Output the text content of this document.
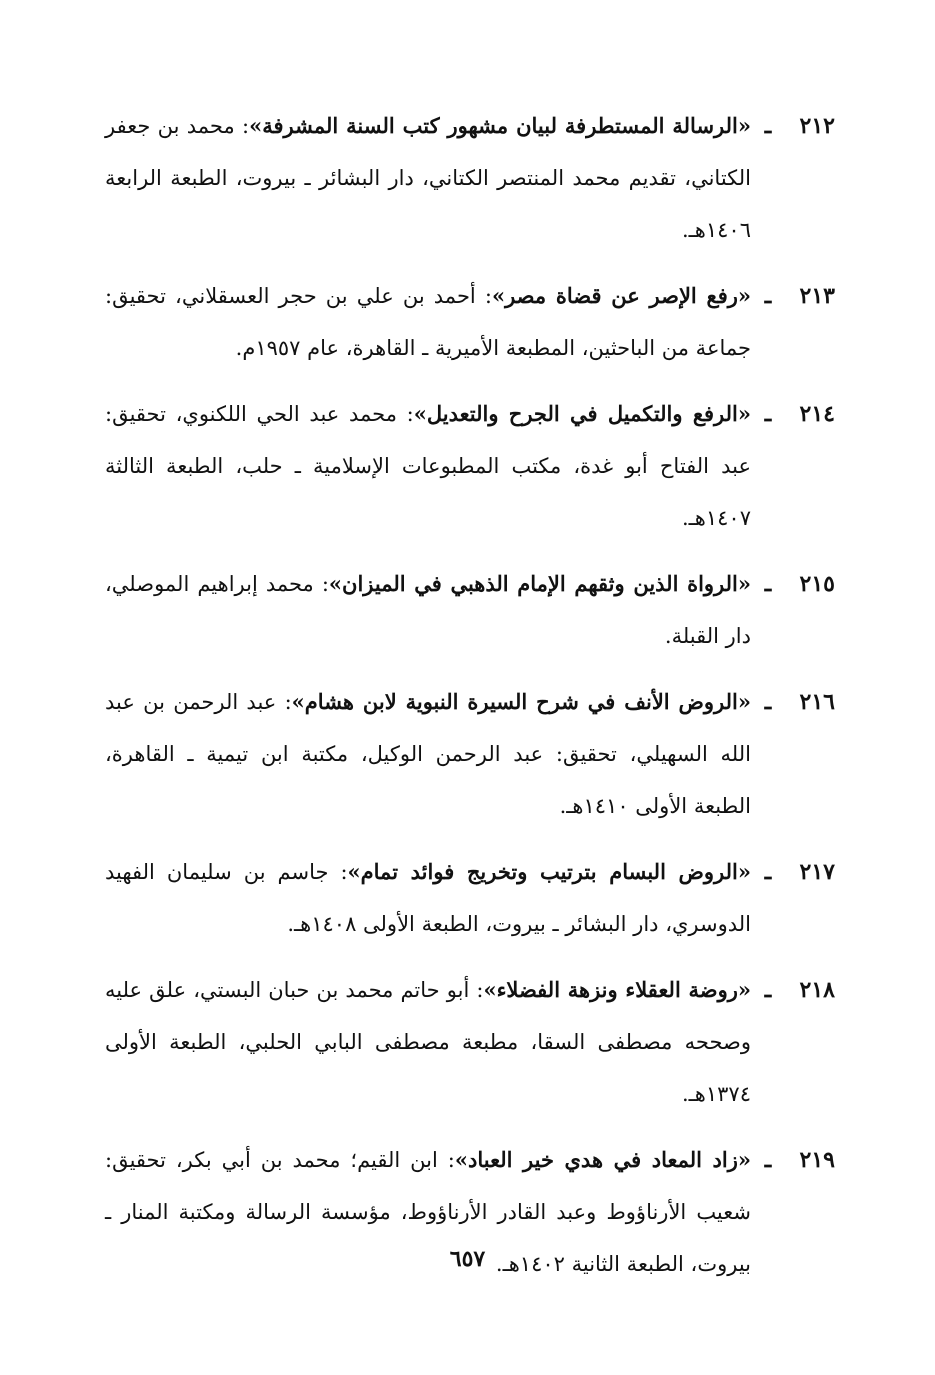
٢١٢
ـ
«الرسالة المستطرفة لبيان مشهور كتب السنة المشرفة»: محمد بن جعفر الكتاني، تقديم محمد المنتصر الكتاني، دار البشائر ـ بيروت، الطبعة الرابعة ١٤٠٦هـ.
٢١٣
ـ
«رفع الإصر عن قضاة مصر»: أحمد بن علي بن حجر العسقلاني، تحقيق: جماعة من الباحثين، المطبعة الأميرية ـ القاهرة، عام ١٩٥٧م.
٢١٤
ـ
«الرفع والتكميل في الجرح والتعديل»: محمد عبد الحي اللكنوي، تحقيق: عبد الفتاح أبو غدة، مكتب المطبوعات الإسلامية ـ حلب، الطبعة الثالثة ١٤٠٧هـ.
٢١٥
ـ
«الرواة الذين وثقهم الإمام الذهبي في الميزان»: محمد إبراهيم الموصلي، دار القبلة.
٢١٦
ـ
«الروض الأنف في شرح السيرة النبوية لابن هشام»: عبد الرحمن بن عبد الله السهيلي، تحقيق: عبد الرحمن الوكيل، مكتبة ابن تيمية ـ القاهرة، الطبعة الأولى ١٤١٠هـ.
٢١٧
ـ
«الروض البسام بترتيب وتخريج فوائد تمام»: جاسم بن سليمان الفهيد الدوسري، دار البشائر ـ بيروت، الطبعة الأولى ١٤٠٨هـ.
٢١٨
ـ
«روضة العقلاء ونزهة الفضلاء»: أبو حاتم محمد بن حبان البستي، علق عليه وصححه مصطفى السقا، مطبعة مصطفى البابي الحلبي، الطبعة الأولى ١٣٧٤هـ.
٢١٩
ـ
«زاد المعاد في هدي خير العباد»: ابن القيم؛ محمد بن أبي بكر، تحقيق: شعيب الأرناؤوط وعبد القادر الأرناؤوط، مؤسسة الرسالة ومكتبة المنار ـ بيروت، الطبعة الثانية ١٤٠٢هـ.
٦٥٧
